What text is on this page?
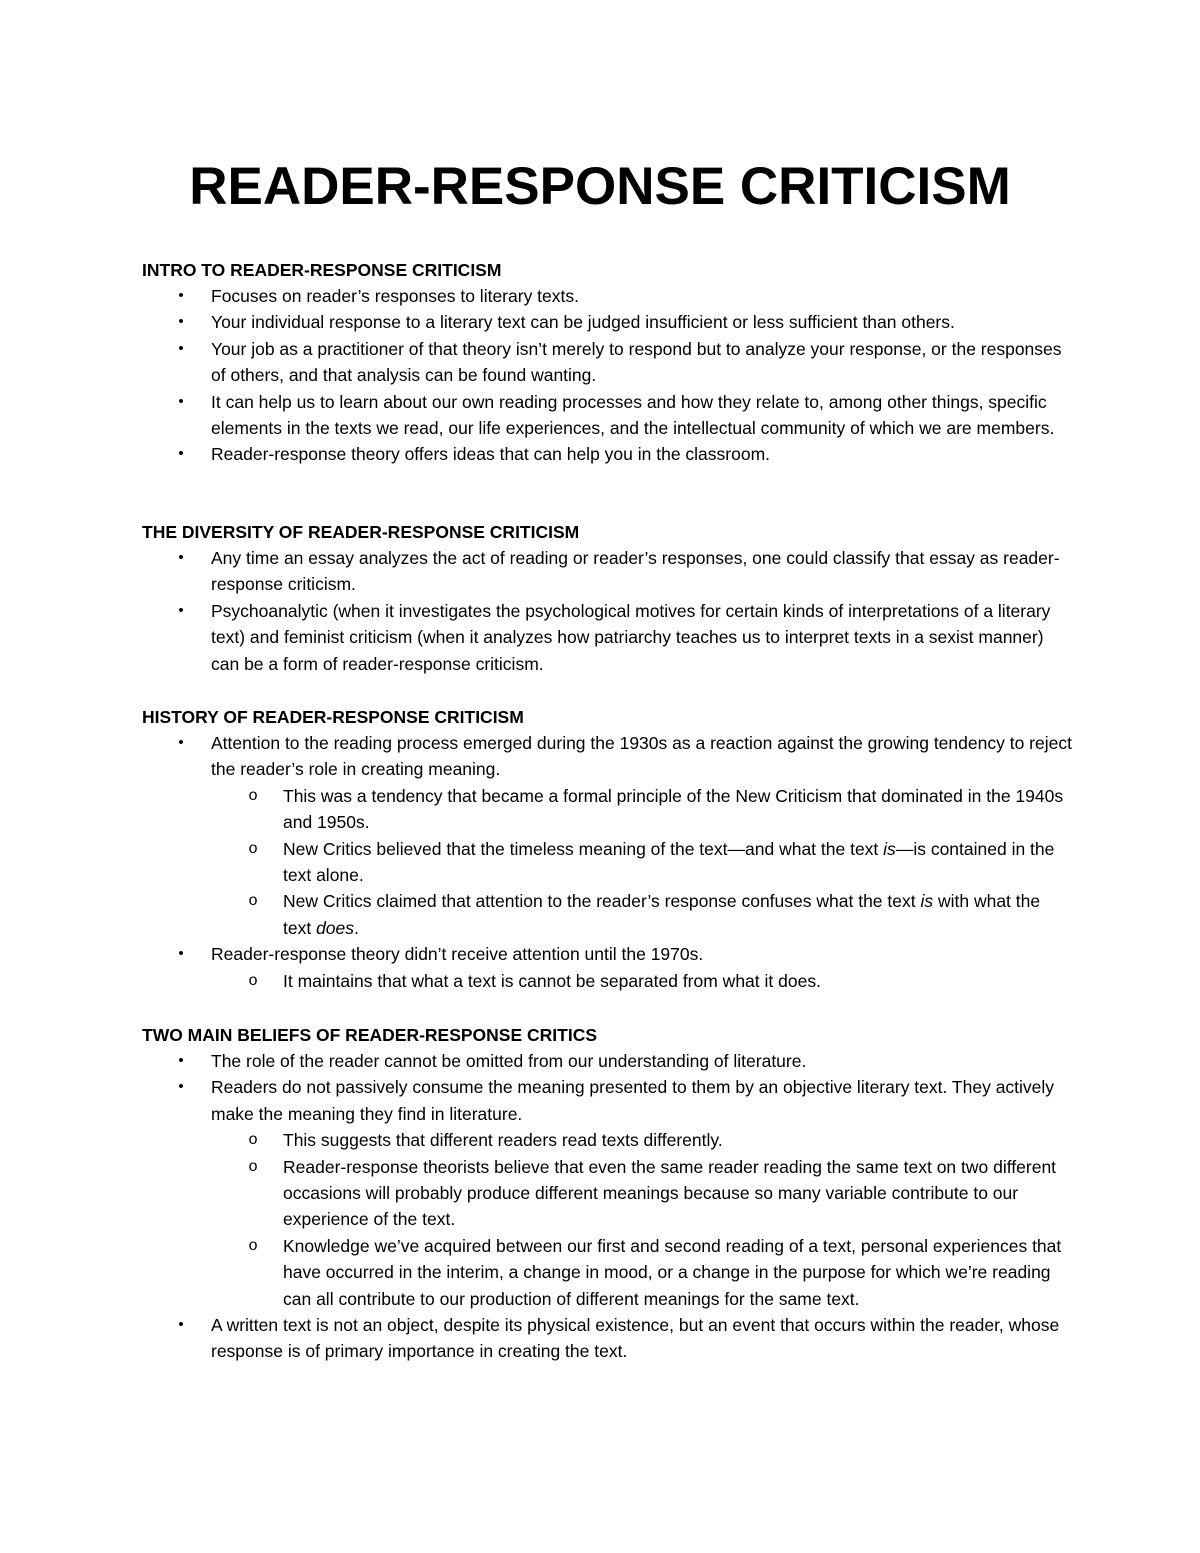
READER-RESPONSE CRITICISM
INTRO TO READER-RESPONSE CRITICISM
• Focuses on reader’s responses to literary texts.
• Your individual response to a literary text can be judged insufficient or less sufficient than others.
• Your job as a practitioner of that theory isn’t merely to respond but to analyze your response, or the responses of others, and that analysis can be found wanting.
• It can help us to learn about our own reading processes and how they relate to, among other things, specific elements in the texts we read, our life experiences, and the intellectual community of which we are members.
• Reader-response theory offers ideas that can help you in the classroom.
THE DIVERSITY OF READER-RESPONSE CRITICISM
• Any time an essay analyzes the act of reading or reader’s responses, one could classify that essay as reader-response criticism.
• Psychoanalytic (when it investigates the psychological motives for certain kinds of interpretations of a literary text) and feminist criticism (when it analyzes how patriarchy teaches us to interpret texts in a sexist manner) can be a form of reader-response criticism.
HISTORY OF READER-RESPONSE CRITICISM
• Attention to the reading process emerged during the 1930s as a reaction against the growing tendency to reject the reader’s role in creating meaning.
o This was a tendency that became a formal principle of the New Criticism that dominated in the 1940s and 1950s.
o New Critics believed that the timeless meaning of the text—and what the text is—is contained in the text alone.
o New Critics claimed that attention to the reader’s response confuses what the text is with what the text does.
• Reader-response theory didn’t receive attention until the 1970s.
o It maintains that what a text is cannot be separated from what it does.
TWO MAIN BELIEFS OF READER-RESPONSE CRITICS
• The role of the reader cannot be omitted from our understanding of literature.
• Readers do not passively consume the meaning presented to them by an objective literary text. They actively make the meaning they find in literature.
o This suggests that different readers read texts differently.
o Reader-response theorists believe that even the same reader reading the same text on two different occasions will probably produce different meanings because so many variable contribute to our experience of the text.
o Knowledge we’ve acquired between our first and second reading of a text, personal experiences that have occurred in the interim, a change in mood, or a change in the purpose for which we’re reading can all contribute to our production of different meanings for the same text.
• A written text is not an object, despite its physical existence, but an event that occurs within the reader, whose response is of primary importance in creating the text.
